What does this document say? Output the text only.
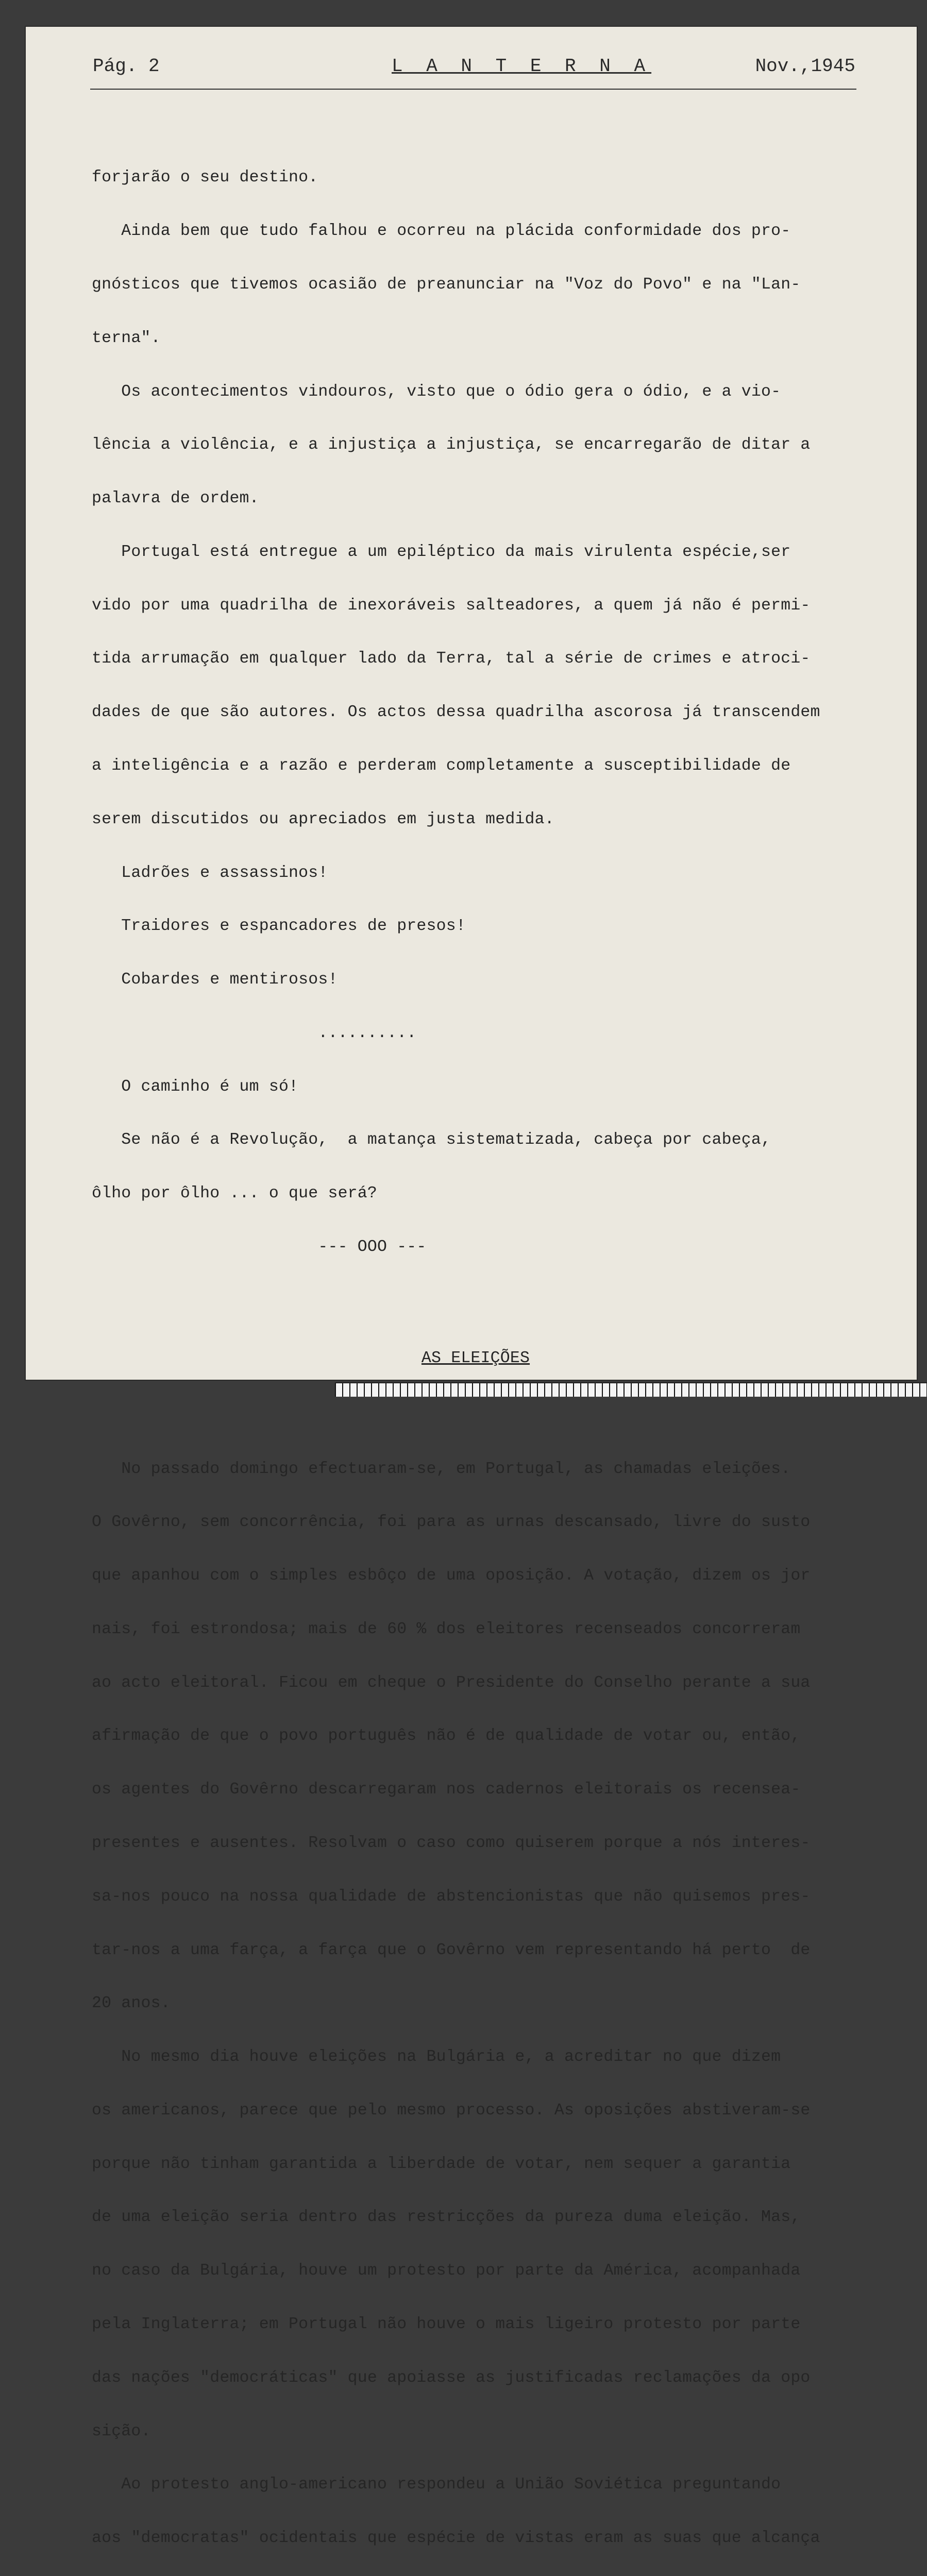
Pág. 2	L A N T E R N A	Nov.,1945

forjarão o seu destino.

Ainda bem que tudo falhou e ocorreu na plácida conformidade dos pro-

gnósticos que tivemos ocasião de preanunciar na "Voz do Povo" e na "Lan-

terna".

Os acontecimentos vindouros, visto que o ódio gera o ódio, e a vio-

lência a violência, e a injustiça a injustiça, se encarregarão de ditar a

palavra de ordem.

Portugal está entregue a um epiléptico da mais virulenta espécie,ser

vido por uma quadrilha de inexoráveis salteadores, a quem já não é permi-

tida arrumação em qualquer lado da Terra, tal a série de crimes e atroci-

dades de que são autores. Os actos dessa quadrilha ascorosa já transcendem

a inteligência e a razão e perderam completamente a susceptibilidade de

serem discutidos ou apreciados em justa medida.

Ladrões e assassinos!

Traidores e espancadores de presos!

Cobardes e mentirosos!

..........

O caminho é um só!

Se não é a Revolução,  a matança sistematizada, cabeça por cabeça,

ôlho por ôlho ... o que será?

--- OOO ---

AS ELEIÇÕES

No passado domingo efectuaram-se, em Portugal, as chamadas eleições.

O Govêrno, sem concorrência, foi para as urnas descansado, livre do susto

que apanhou com o simples esbôço de uma oposição. A votação, dizem os jor

nais, foi estrondosa; mais de 60 % dos eleitores recenseados concorreram

ao acto eleitoral. Ficou em cheque o Presidente do Conselho perante a sua

afirmação de que o povo português não é de qualidade de votar ou, então,

os agentes do Govêrno descarregaram nos cadernos eleitorais os recensea-

presentes e ausentes. Resolvam o caso como quiserem porque a nós interes-

sa-nos pouco na nossa qualidade de abstencionistas que não quisemos pres-

tar-nos a uma farça, a farça que o Govêrno vem representando há perto  de

20 anos.

No mesmo dia houve eleições na Bulgária e, a acreditar no que dizem

os americanos, parece que pelo mesmo processo. As oposições abstiveram-se

porque não tinham garantida a liberdade de votar, nem sequer a garantia

de uma eleição seria dentro das restricções da pureza duma eleição. Mas,

no caso da Bulgária, houve um protesto por parte da América, acompanhada

pela Inglaterra; em Portugal não houve o mais ligeiro protesto por parte

das nações "democráticas" que apoiasse as justificadas reclamações da opo

sição.

Ao protesto anglo-americano respondeu a União Soviética preguntando

aos "democratas" ocidentais que espécie de vistas eram as suas que alcança
